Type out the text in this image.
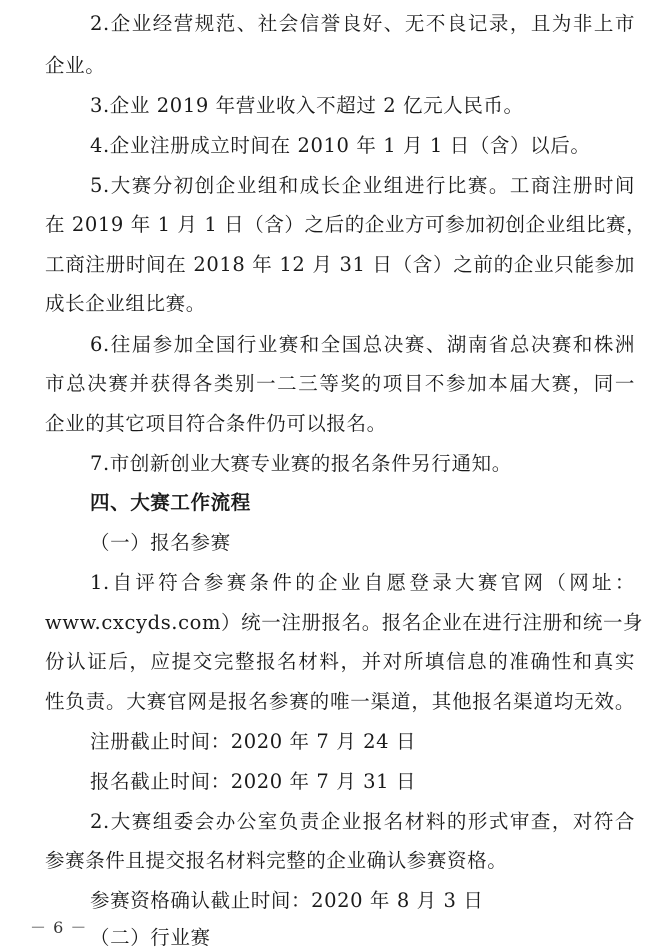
2.企业经营规范、社会信誉良好、无不良记录，且为非上市
企业。
3.企业 2019 年营业收入不超过 2 亿元人民币。
4.企业注册成立时间在 2010 年 1 月 1 日（含）以后。
5.大赛分初创企业组和成长企业组进行比赛。工商注册时间
在 2019 年 1 月 1 日（含）之后的企业方可参加初创企业组比赛，
工商注册时间在 2018 年 12 月 31 日（含）之前的企业只能参加
成长企业组比赛。
6.往届参加全国行业赛和全国总决赛、湖南省总决赛和株洲
市总决赛并获得各类别一二三等奖的项目不参加本届大赛，同一
企业的其它项目符合条件仍可以报名。
7.市创新创业大赛专业赛的报名条件另行通知。
四、大赛工作流程
（一）报名参赛
1.自评符合参赛条件的企业自愿登录大赛官网（网址：
www.cxcyds.com）统一注册报名。报名企业在进行注册和统一身
份认证后，应提交完整报名材料，并对所填信息的准确性和真实
性负责。大赛官网是报名参赛的唯一渠道，其他报名渠道均无效。
注册截止时间：2020 年 7 月 24 日
报名截止时间：2020 年 7 月 31 日
2.大赛组委会办公室负责企业报名材料的形式审查，对符合
参赛条件且提交报名材料完整的企业确认参赛资格。
参赛资格确认截止时间：2020 年 8 月 3 日
（二）行业赛
－ 6 －
